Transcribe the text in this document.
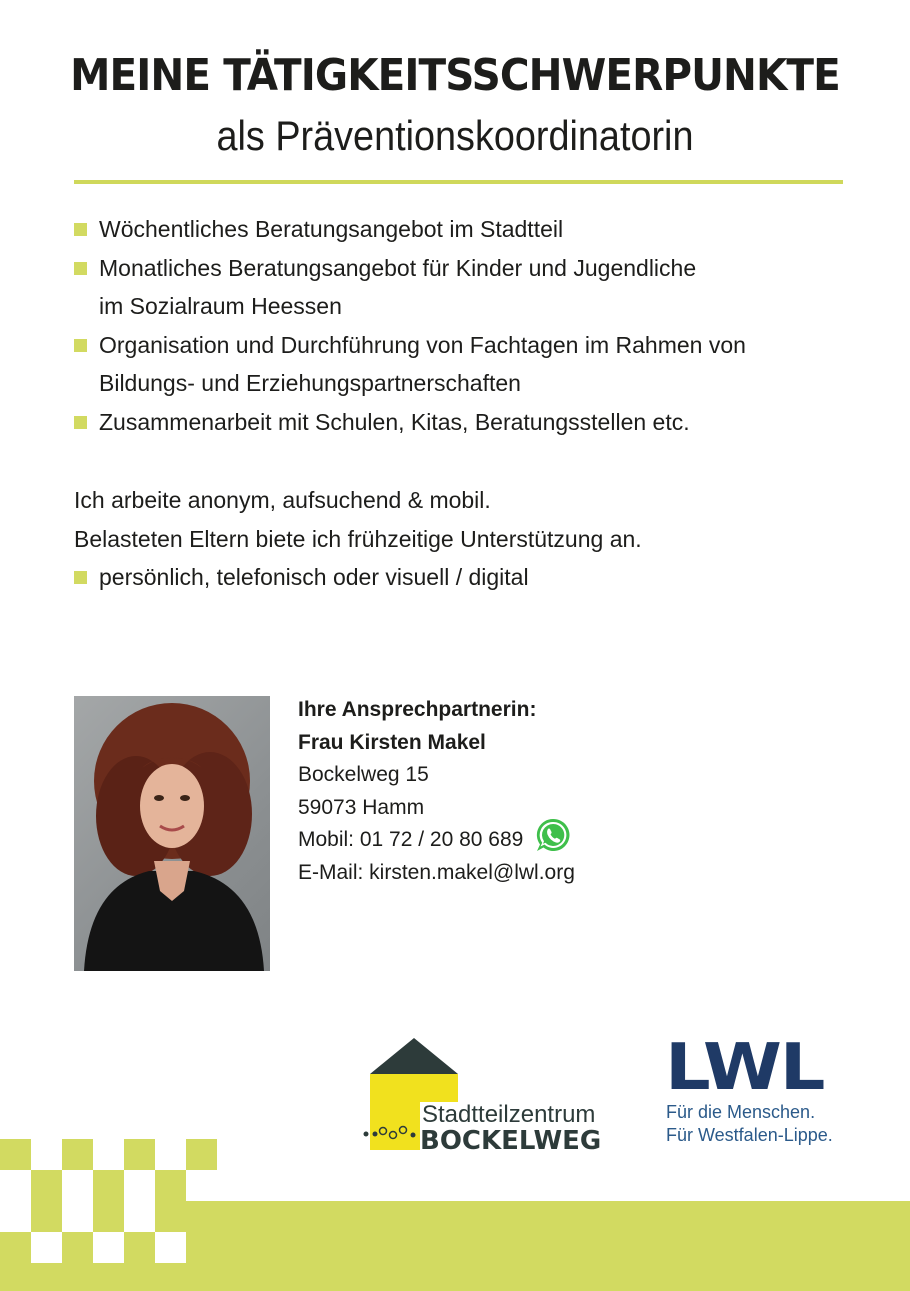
MEINE TÄTIGKEITSSCHWERPUNKTE
als Präventionskoordinatorin
Wöchentliches Beratungsangebot im Stadtteil
Monatliches Beratungsangebot für Kinder und Jugendliche
im Sozialraum Heessen
Organisation und Durchführung von Fachtagen im Rahmen von
Bildungs- und Erziehungspartnerschaften
Zusammenarbeit mit Schulen, Kitas, Beratungsstellen etc.
Ich arbeite anonym, aufsuchend & mobil.
Belasteten Eltern biete ich frühzeitige Unterstützung an.
persönlich, telefonisch oder visuell / digital
Ihre Ansprechpartnerin:
Frau Kirsten Makel
Bockelweg 15
59073 Hamm
Mobil: 01 72 / 20 80 689
E-Mail: kirsten.makel@lwl.org
Stadtteilzentrum
BOCKELWEG
LWL
Für die Menschen.
Für Westfalen-Lippe.
